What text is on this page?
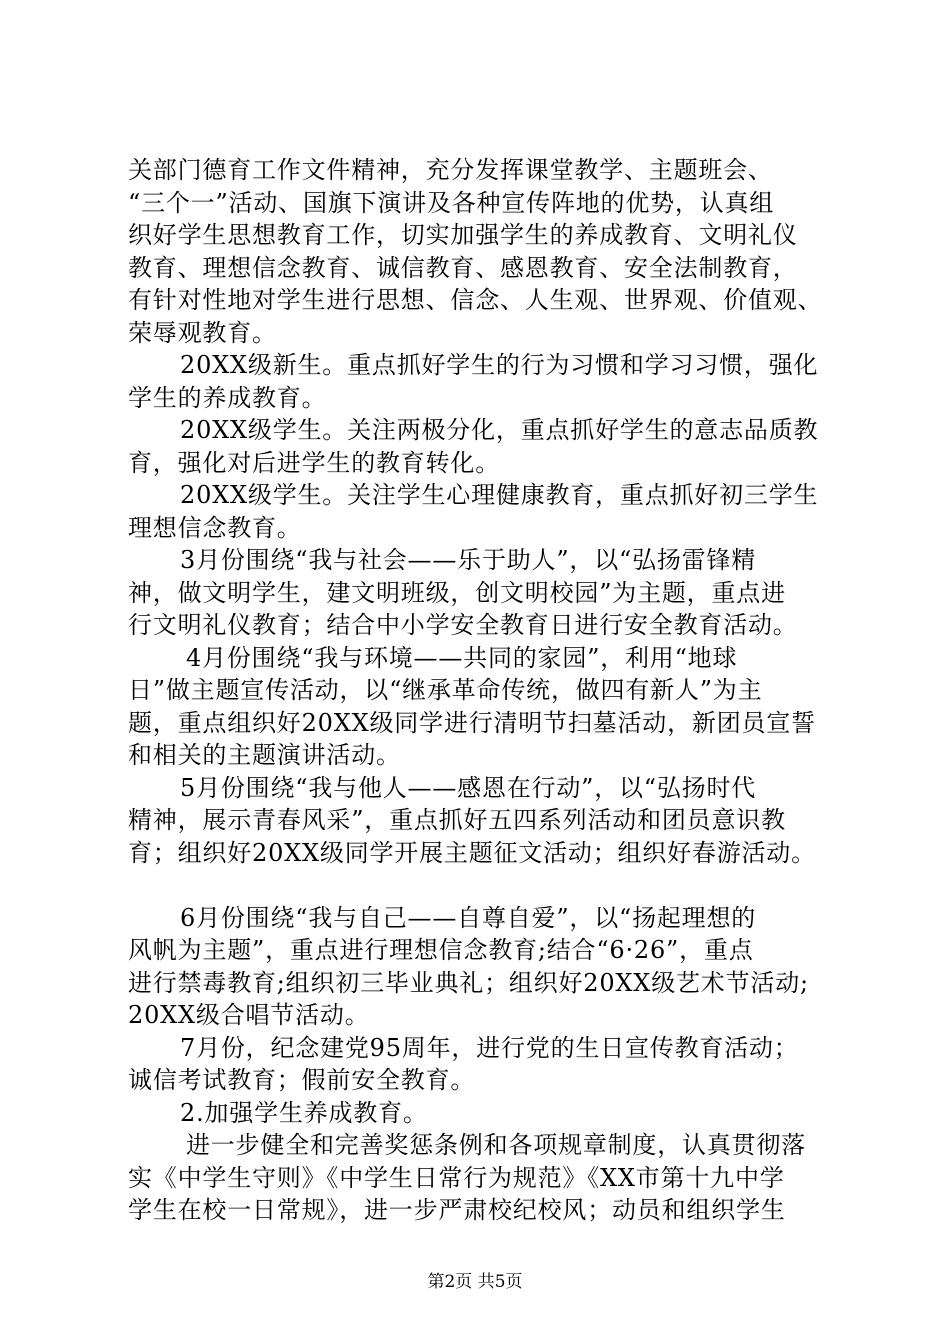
关部门德育工作文件精神，充分发挥课堂教学、主题班会、
“三个一”活动、国旗下演讲及各种宣传阵地的优势，认真组
织好学生思想教育工作，切实加强学生的养成教育、文明礼仪
教育、理想信念教育、诚信教育、感恩教育、安全法制教育，
有针对性地对学生进行思想、信念、人生观、世界观、价值观、
荣辱观教育。
20XX级新生。重点抓好学生的行为习惯和学习习惯，强化
学生的养成教育。
20XX级学生。关注两极分化，重点抓好学生的意志品质教
育，强化对后进学生的教育转化。
20XX级学生。关注学生心理健康教育，重点抓好初三学生
理想信念教育。
3月份围绕“我与社会——乐于助人”，以“弘扬雷锋精
神，做文明学生，建文明班级，创文明校园”为主题，重点进
行文明礼仪教育；结合中小学安全教育日进行安全教育活动。
4月份围绕“我与环境——共同的家园”，利用“地球
日”做主题宣传活动，以“继承革命传统，做四有新人”为主
题，重点组织好20XX级同学进行清明节扫墓活动，新团员宣誓
和相关的主题演讲活动。
5月份围绕“我与他人——感恩在行动”，以“弘扬时代
精神，展示青春风采”，重点抓好五四系列活动和团员意识教
育；组织好20XX级同学开展主题征文活动；组织好春游活动。
6月份围绕“我与自己——自尊自爱”，以“扬起理想的
风帆为主题”，重点进行理想信念教育;结合“6·26”，重点
进行禁毒教育;组织初三毕业典礼；组织好20XX级艺术节活动;
20XX级合唱节活动。
7月份，纪念建党95周年，进行党的生日宣传教育活动；
诚信考试教育；假前安全教育。
2.加强学生养成教育。
进一步健全和完善奖惩条例和各项规章制度，认真贯彻落
实《中学生守则》《中学生日常行为规范》《XX市第十九中学
学生在校一日常规》，进一步严肃校纪校风；动员和组织学生
第2页 共5页
